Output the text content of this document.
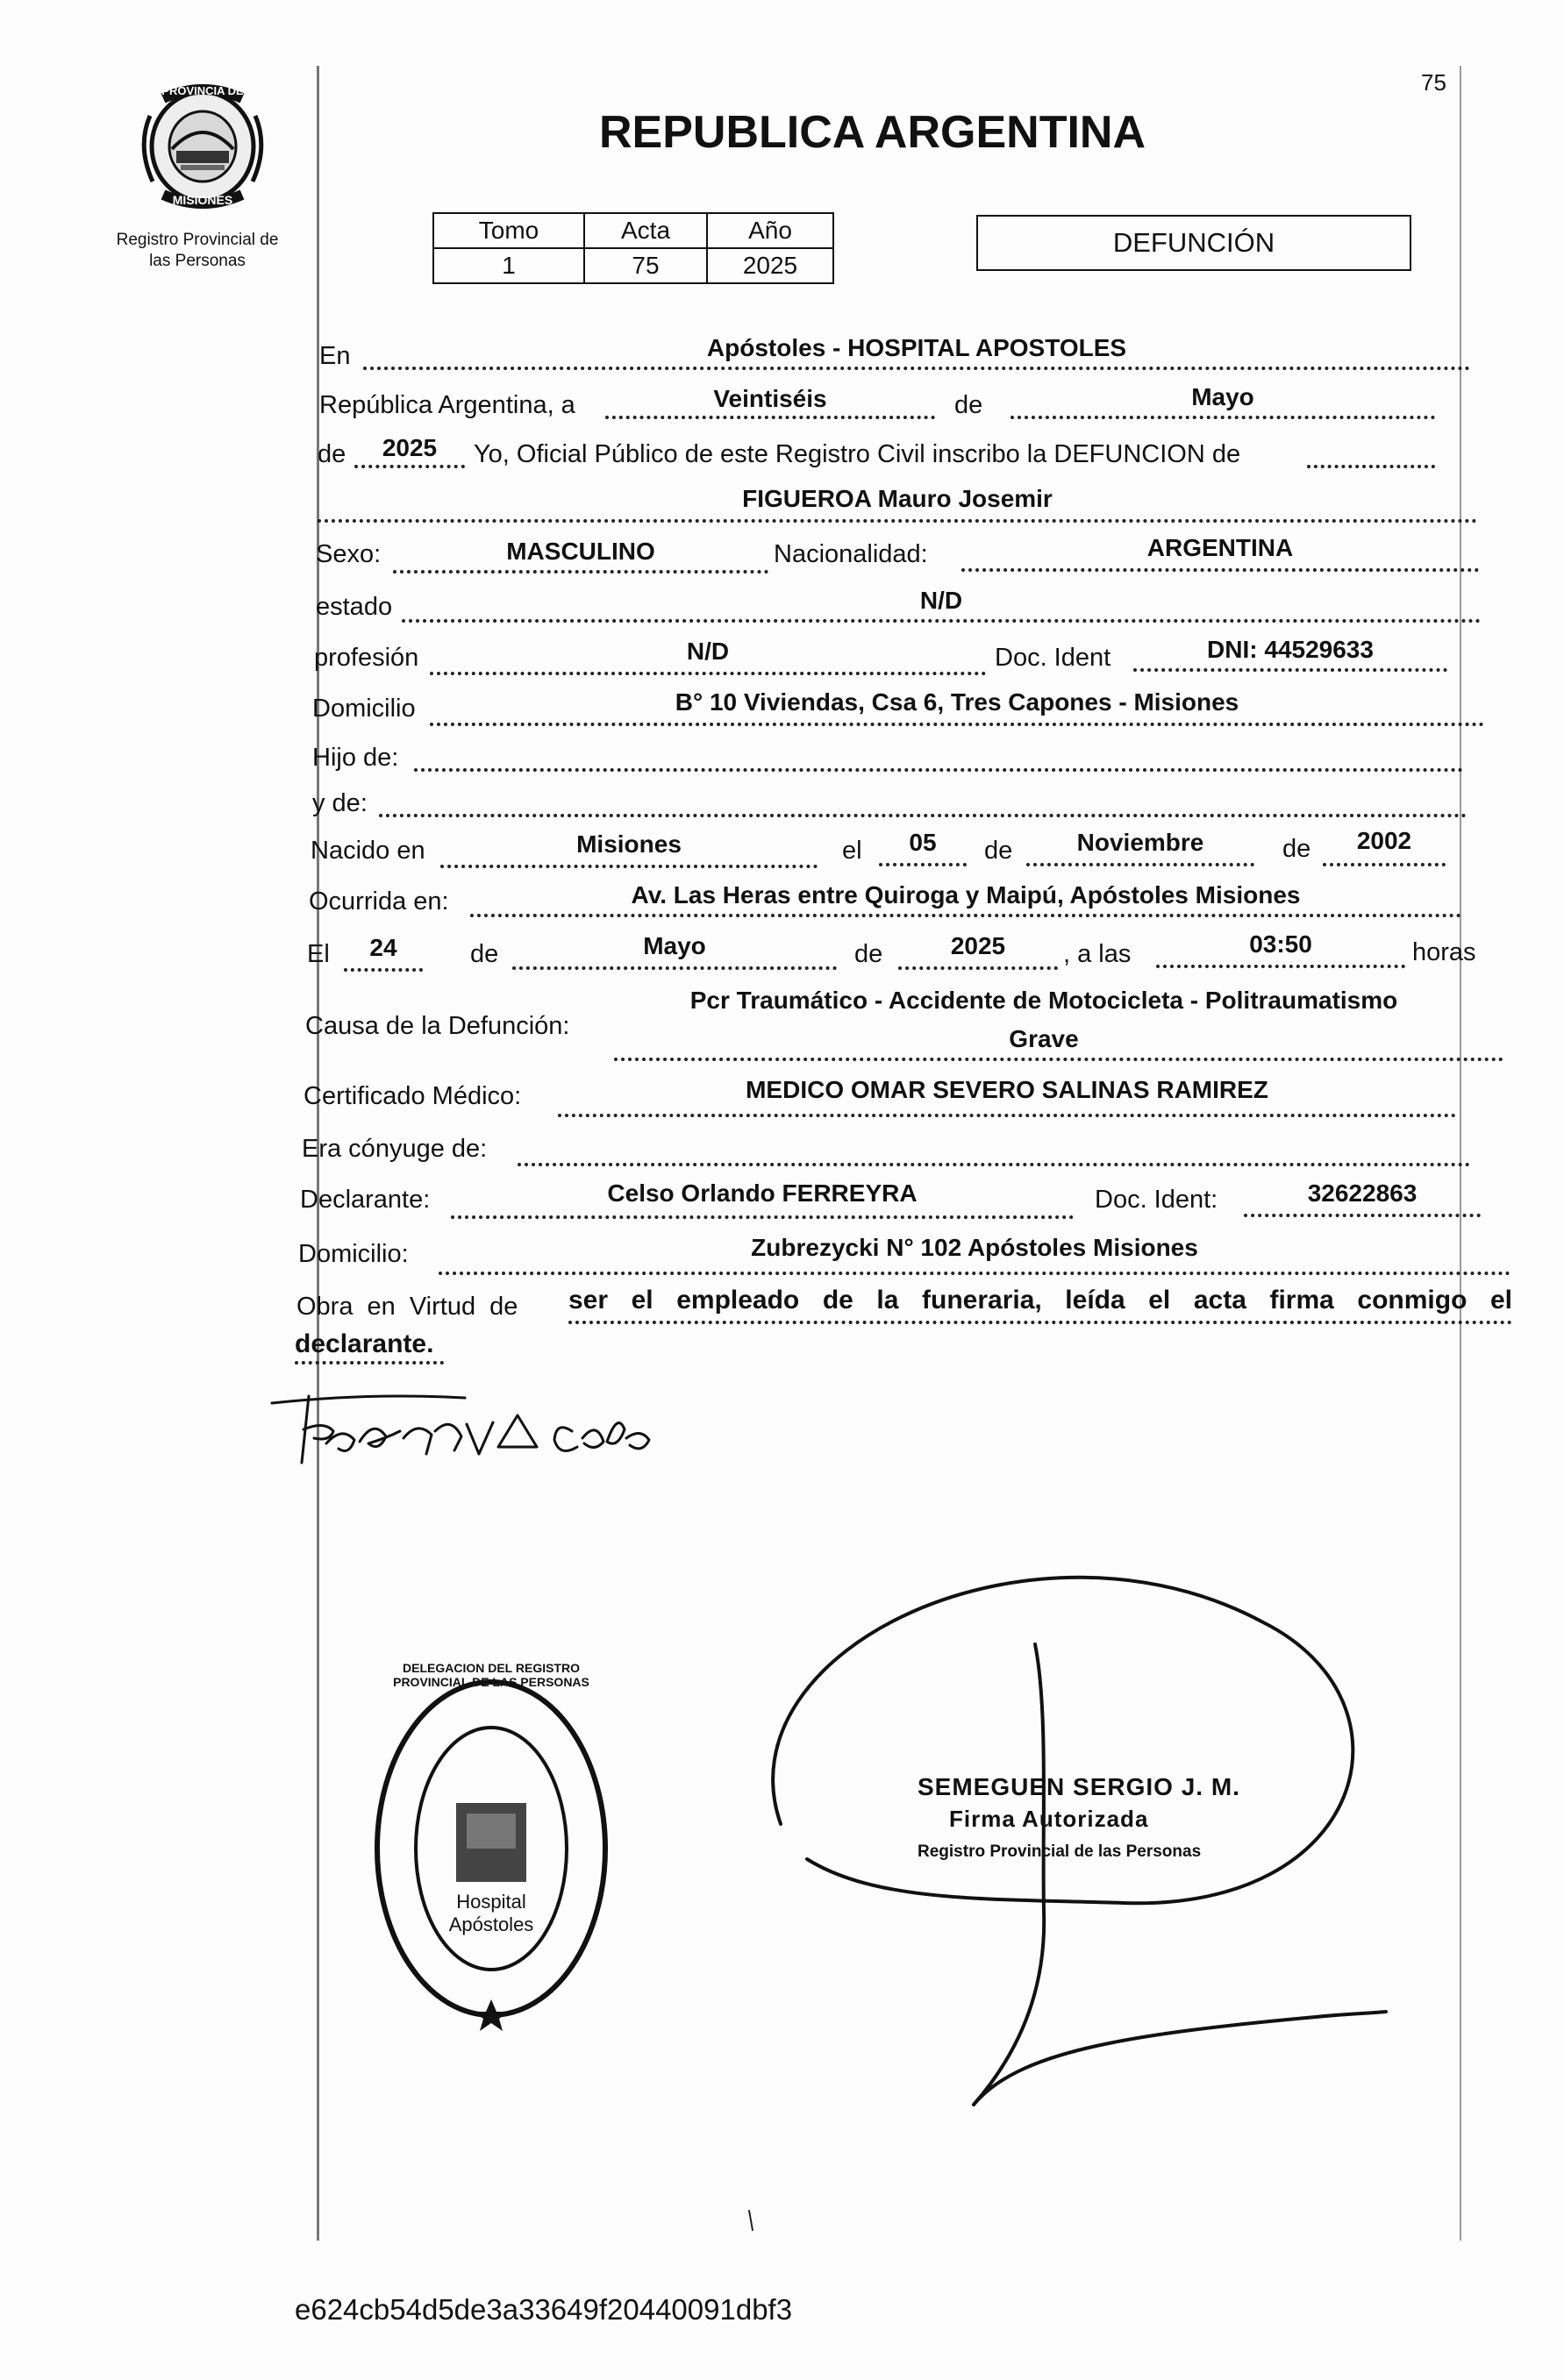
75
PROVINCIA DE
MISIONES
Registro Provincial de
las Personas
REPUBLICA ARGENTINA
Tomo	Acta	Año
1	75	2025
DEFUNCIÓN
En	Apóstoles - HOSPITAL APOSTOLES
República Argentina, a	Veintiséis	de	Mayo
de	2025	Yo, Oficial Público de este Registro Civil inscribo la DEFUNCION de
FIGUEROA Mauro Josemir
Sexo:	MASCULINO	Nacionalidad:	ARGENTINA
estado	N/D
profesión	N/D	Doc. Ident	DNI: 44529633
Domicilio	B° 10 Viviendas, Csa 6, Tres Capones - Misiones
Hijo de:
y de:
Nacido en	Misiones	el	05	de	Noviembre	de	2002
Ocurrida en:	Av. Las Heras entre Quiroga y Maipú, Apóstoles Misiones
El	24	de	Mayo	de	2025	, a las	03:50	horas
Causa de la Defunción:
Pcr Traumático - Accidente de Motocicleta - Politraumatismo
Grave
Certificado Médico:	MEDICO OMAR SEVERO SALINAS RAMIREZ
Era cónyuge de:
Declarante:	Celso Orlando FERREYRA	Doc. Ident:	32622863
Domicilio:	Zubrezycki N° 102 Apóstoles Misiones
Obra en Virtud de ser el empleado de la funeraria, leída el acta firma conmigo el
declarante.
DELEGACION DEL REGISTRO PROVINCIAL DE LAS PERSONAS
Hospital Apóstoles
SEMEGUEN SERGIO J. M.
Firma Autorizada
Registro Provincial de las Personas
e624cb54d5de3a33649f20440091dbf3
